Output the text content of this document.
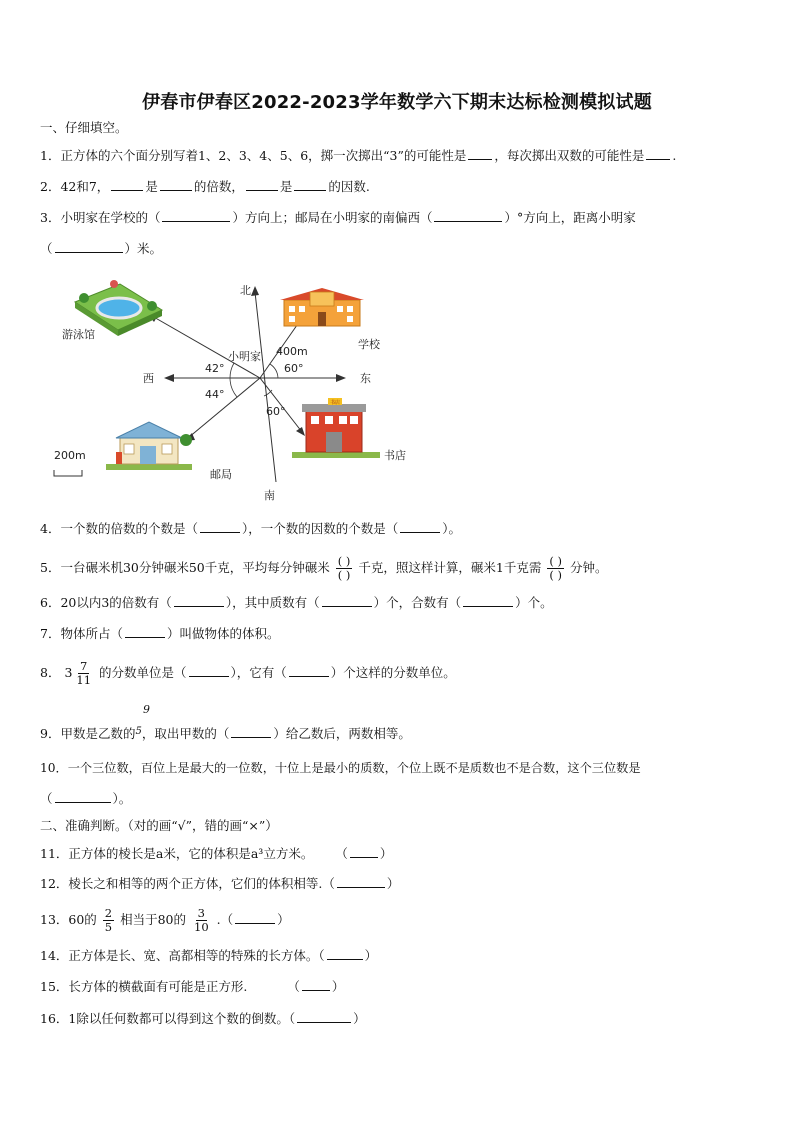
伊春市伊春区2022-2023学年数学六下期末达标检测模拟试题
一、仔细填空。
1．正方体的六个面分别写着1、2、3、4、5、6，掷一次掷出“3”的可能性是 ，每次掷出双数的可能性是 .
2．42和7，	是	的倍数，	是	的因数.
3．小明家在学校的（	）方向上；邮局在小明家的南偏西（	）°方向上，距离小明家
（	）米。
北
南
东
西
小明家 400m
60°
60°
42°
44°
游泳馆
学校
邮局
书店
书店
200m
4．一个数的倍数的个数是（	），一个数的因数的个数是（	）。
5．一台碾米机30分钟碾米50千克，平均每分钟碾米 $\frac{( )}{( )}$ 千克，照这样计算，碾米1千克需 $\frac{( )}{( )}$ 分钟。
6．20以内3的倍数有（	），其中质数有（	）个，合数有（	）个。
7．物体所占（	）叫做物体的体积。
8． $3 \frac{7}{11}$ 的分数单位是（	），它有（	）个这样的分数单位。
9
9．甲数是乙数的$^5$，取出甲数的（	）给乙数后，两数相等。
10．一个三位数，百位上是最大的一位数，十位上是最小的质数，个位上既不是质数也不是合数，这个三位数是
（	）。
二、准确判断。（对的画“√”，错的画“×”）
11．正方体的棱长是a米，它的体积是a³立方米。 （	）
12．棱长之和相等的两个正方体，它们的体积相等.（	）
13．60的 $\frac{2}{5}$ 相当于80的 $\frac{3}{10}$ .（	）
14．正方体是长、宽、高都相等的特殊的长方体。（	）
15．长方体的横截面有可能是正方形.	（	）
16．1除以任何数都可以得到这个数的倒数。（	）
